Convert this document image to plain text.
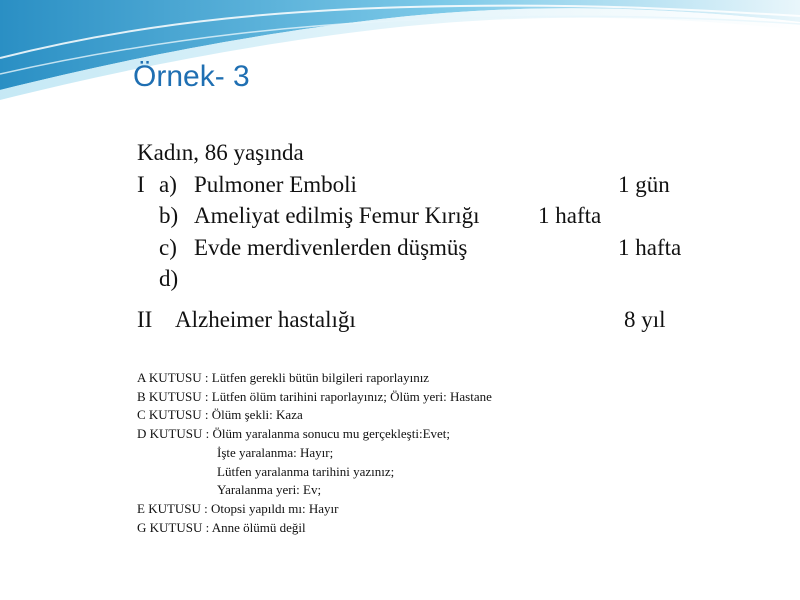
Örnek- 3
Kadın, 86 yaşında
I a) Pulmoner Emboli	1 gün
b) Ameliyat edilmiş Femur Kırığı	1 hafta
c) Evde merdivenlerden düşmüş	1 hafta
d)
II Alzheimer hastalığı	8 yıl
A KUTUSU : Lütfen gerekli bütün bilgileri raporlayınız
B KUTUSU : Lütfen ölüm tarihini raporlayınız; Ölüm yeri: Hastane
C KUTUSU : Ölüm şekli: Kaza
D KUTUSU : Ölüm yaralanma sonucu mu gerçekleşti:Evet;
İşte yaralanma: Hayır;
Lütfen yaralanma tarihini yazınız;
Yaralanma yeri: Ev;
E KUTUSU : Otopsi yapıldı mı: Hayır
G KUTUSU : Anne ölümü değil
